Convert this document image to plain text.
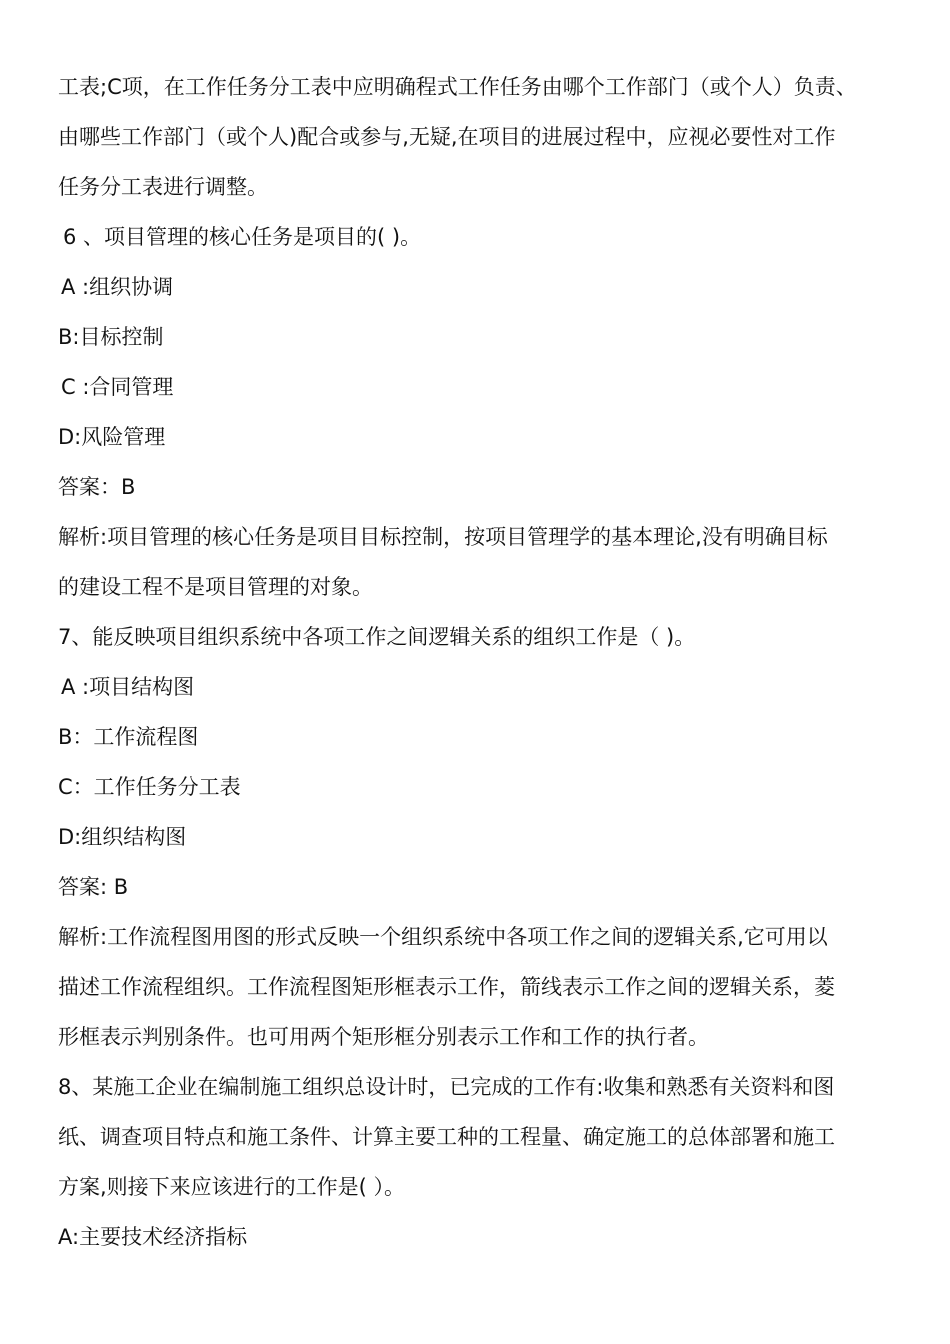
工表;C项，在工作任务分工表中应明确程式工作任务由哪个工作部门（或个人）负责、
由哪些工作部门（或个人)配合或参与,无疑,在项目的进展过程中，应视必要性对工作
任务分工表进行调整。
6 、项目管理的核心任务是项目的( )。
A :组织协调
B:目标控制
C :合同管理
D:风险管理
答案：B
解析:项目管理的核心任务是项目目标控制，按项目管理学的基本理论,没有明确目标
的建设工程不是项目管理的对象。
7、能反映项目组织系统中各项工作之间逻辑关系的组织工作是（ )。
A :项目结构图
B：工作流程图
C：工作任务分工表
D:组织结构图
答案: B
解析:工作流程图用图的形式反映一个组织系统中各项工作之间的逻辑关系,它可用以
描述工作流程组织。工作流程图矩形框表示工作，箭线表示工作之间的逻辑关系，菱
形框表示判别条件。也可用两个矩形框分别表示工作和工作的执行者。
8、某施工企业在编制施工组织总设计时，已完成的工作有:收集和熟悉有关资料和图
纸、调查项目特点和施工条件、计算主要工种的工程量、确定施工的总体部署和施工
方案,则接下来应该进行的工作是( ）。
A:主要技术经济指标
